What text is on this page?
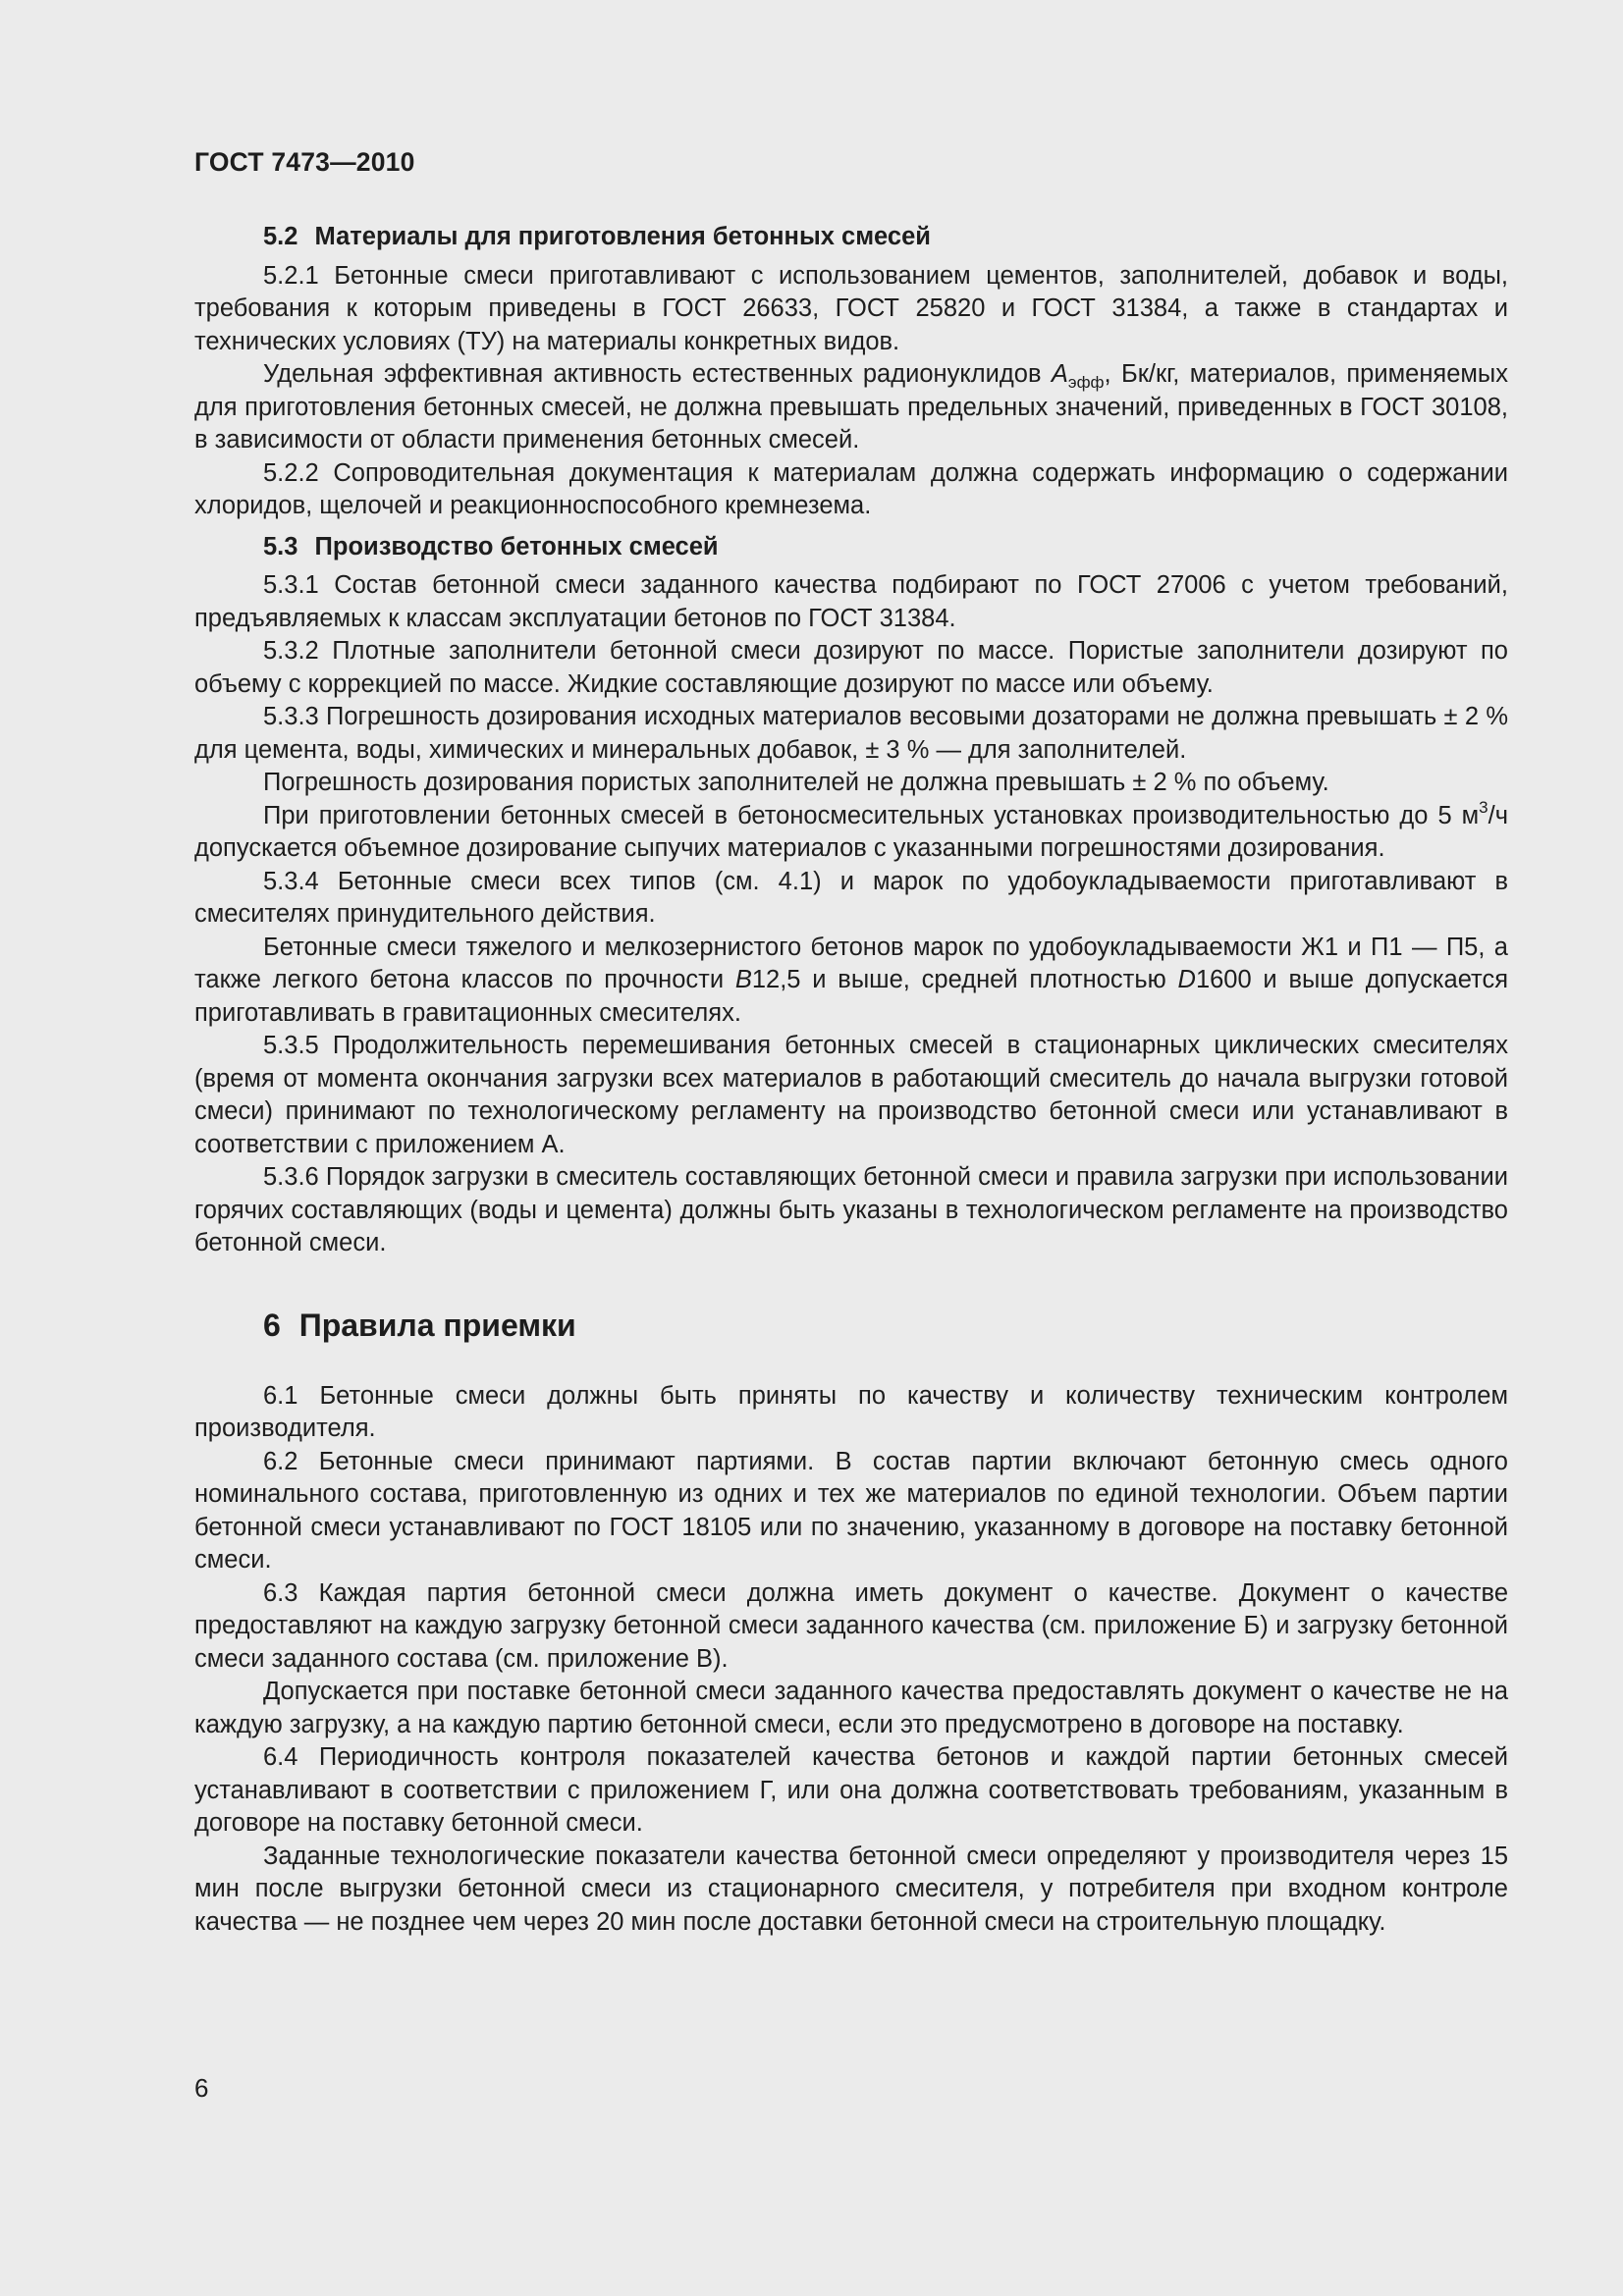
ГОСТ 7473—2010
5.2 Материалы для приготовления бетонных смесей

5.2.1 Бетонные смеси приготавливают с использованием цементов, заполнителей, добавок и воды, требования к которым приведены в ГОСТ 26633, ГОСТ 25820 и ГОСТ 31384, а также в стандартах и технических условиях (ТУ) на материалы конкретных видов.

Удельная эффективная активность естественных радионуклидов $A_{эфф}$, Бк/кг, материалов, применяемых для приготовления бетонных смесей, не должна превышать предельных значений, приведенных в ГОСТ 30108, в зависимости от области применения бетонных смесей.

5.2.2 Сопроводительная документация к материалам должна содержать информацию о содержании хлоридов, щелочей и реакционноспособного кремнезема.

5.3 Производство бетонных смесей

5.3.1 Состав бетонной смеси заданного качества подбирают по ГОСТ 27006 с учетом требований, предъявляемых к классам эксплуатации бетонов по ГОСТ 31384.

5.3.2 Плотные заполнители бетонной смеси дозируют по массе. Пористые заполнители дозируют по объему с коррекцией по массе. Жидкие составляющие дозируют по массе или объему.

5.3.3 Погрешность дозирования исходных материалов весовыми дозаторами не должна превышать ± 2 % для цемента, воды, химических и минеральных добавок, ± 3 % — для заполнителей.

Погрешность дозирования пористых заполнителей не должна превышать ± 2 % по объему.

При приготовлении бетонных смесей в бетоносмесительных установках производительностью до 5 $м^3/ч$ допускается объемное дозирование сыпучих материалов с указанными погрешностями дозирования.

5.3.4 Бетонные смеси всех типов (см. 4.1) и марок по удобоукладываемости приготавливают в смесителях принудительного действия.

Бетонные смеси тяжелого и мелкозернистого бетонов марок по удобоукладываемости Ж1 и П1 — П5, а также легкого бетона классов по прочности B12,5 и выше, средней плотностью D1600 и выше допускается приготавливать в гравитационных смесителях.

5.3.5 Продолжительность перемешивания бетонных смесей в стационарных циклических смесителях (время от момента окончания загрузки всех материалов в работающий смеситель до начала выгрузки готовой смеси) принимают по технологическому регламенту на производство бетонной смеси или устанавливают в соответствии с приложением А.

5.3.6 Порядок загрузки в смеситель составляющих бетонной смеси и правила загрузки при использовании горячих составляющих (воды и цемента) должны быть указаны в технологическом регламенте на производство бетонной смеси.

6 Правила приемки

6.1 Бетонные смеси должны быть приняты по качеству и количеству техническим контролем производителя.

6.2 Бетонные смеси принимают партиями. В состав партии включают бетонную смесь одного номинального состава, приготовленную из одних и тех же материалов по единой технологии. Объем партии бетонной смеси устанавливают по ГОСТ 18105 или по значению, указанному в договоре на поставку бетонной смеси.

6.3 Каждая партия бетонной смеси должна иметь документ о качестве. Документ о качестве предоставляют на каждую загрузку бетонной смеси заданного качества (см. приложение Б) и загрузку бетонной смеси заданного состава (см. приложение В).

Допускается при поставке бетонной смеси заданного качества предоставлять документ о качестве не на каждую загрузку, а на каждую партию бетонной смеси, если это предусмотрено в договоре на поставку.

6.4 Периодичность контроля показателей качества бетонов и каждой партии бетонных смесей устанавливают в соответствии с приложением Г, или она должна соответствовать требованиям, указанным в договоре на поставку бетонной смеси.

Заданные технологические показатели качества бетонной смеси определяют у производителя через 15 мин после выгрузки бетонной смеси из стационарного смесителя, у потребителя при входном контроле качества — не позднее чем через 20 мин после доставки бетонной смеси на строительную площадку.

6
